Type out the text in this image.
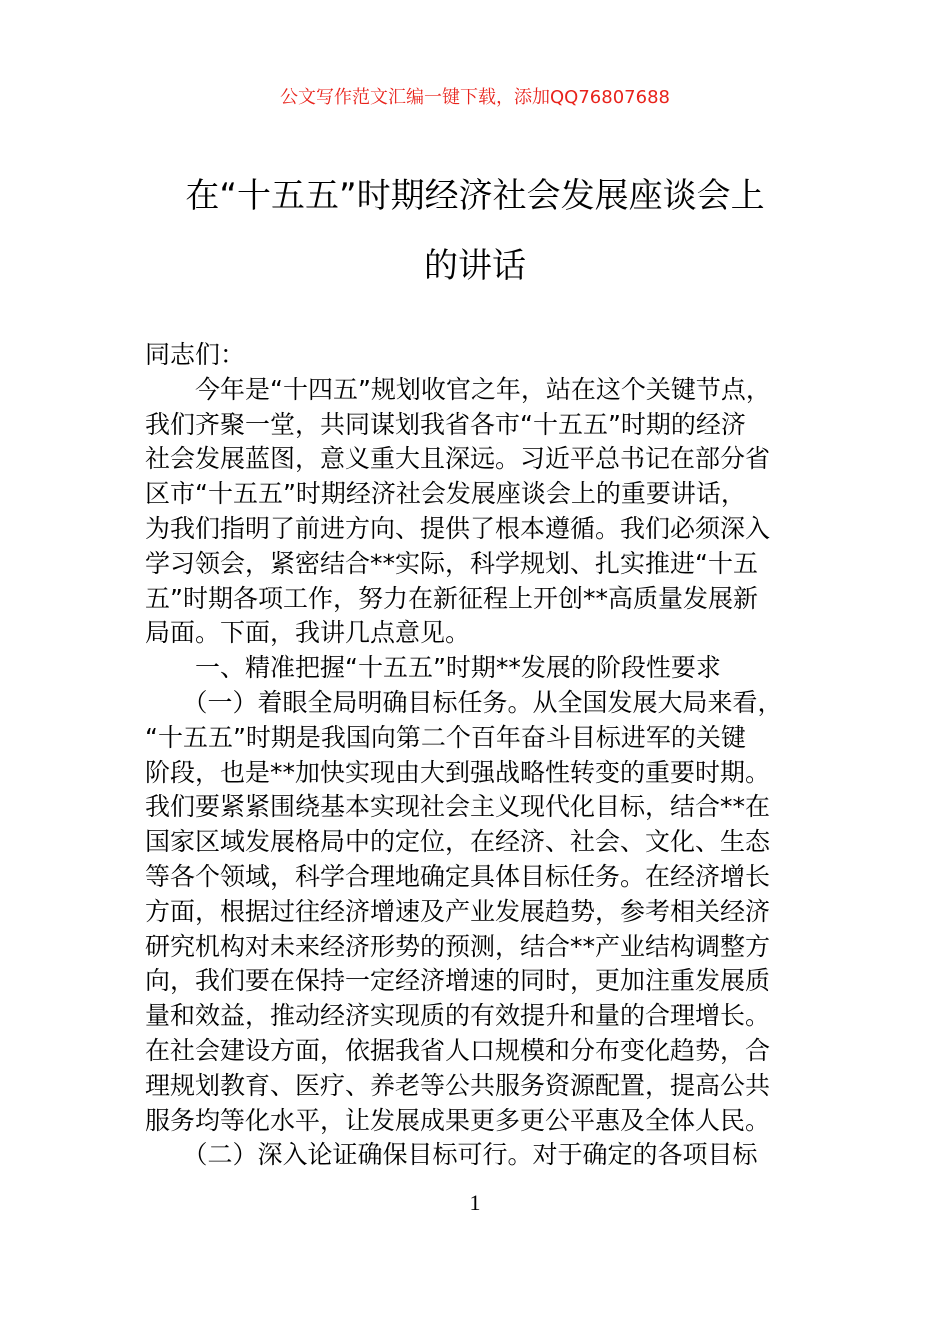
公文写作范文汇编一键下载，添加QQ76807688
在“十五五”时期经济社会发展座谈会上
的讲话
同志们：
　　今年是“十四五”规划收官之年，站在这个关键节点，
我们齐聚一堂，共同谋划我省各市“十五五”时期的经济
社会发展蓝图，意义重大且深远。习近平总书记在部分省
区市“十五五”时期经济社会发展座谈会上的重要讲话，
为我们指明了前进方向、提供了根本遵循。我们必须深入
学习领会，紧密结合**实际，科学规划、扎实推进“十五
五”时期各项工作，努力在新征程上开创**高质量发展新
局面。下面，我讲几点意见。
　　一、精准把握“十五五”时期**发展的阶段性要求
　　（一）着眼全局明确目标任务。从全国发展大局来看，
“十五五”时期是我国向第二个百年奋斗目标进军的关键
阶段，也是**加快实现由大到强战略性转变的重要时期。
我们要紧紧围绕基本实现社会主义现代化目标，结合**在
国家区域发展格局中的定位，在经济、社会、文化、生态
等各个领域，科学合理地确定具体目标任务。在经济增长
方面，根据过往经济增速及产业发展趋势，参考相关经济
研究机构对未来经济形势的预测，结合**产业结构调整方
向，我们要在保持一定经济增速的同时，更加注重发展质
量和效益，推动经济实现质的有效提升和量的合理增长。
在社会建设方面，依据我省人口规模和分布变化趋势，合
理规划教育、医疗、养老等公共服务资源配置，提高公共
服务均等化水平，让发展成果更多更公平惠及全体人民。
　　（二）深入论证确保目标可行。对于确定的各项目标
1
